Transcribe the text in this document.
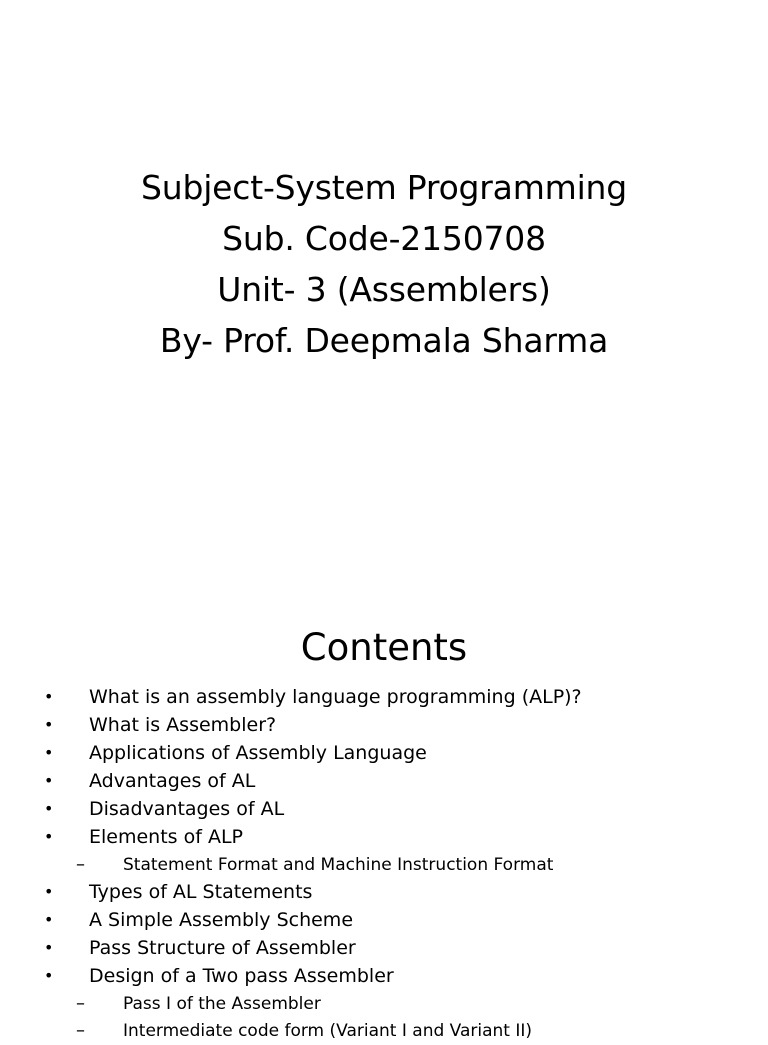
Subject-System Programming
Sub. Code-2150708
Unit- 3 (Assemblers)
By- Prof. Deepmala Sharma
Contents
• What is an assembly language programming (ALP)?
• What is Assembler?
• Applications of Assembly Language
• Advantages of AL
• Disadvantages of AL
• Elements of ALP
– Statement Format and Machine Instruction Format
• Types of AL Statements
• A Simple Assembly Scheme
• Pass Structure of Assembler
• Design of a Two pass Assembler
– Pass I of the Assembler
– Intermediate code form (Variant I and Variant II)
